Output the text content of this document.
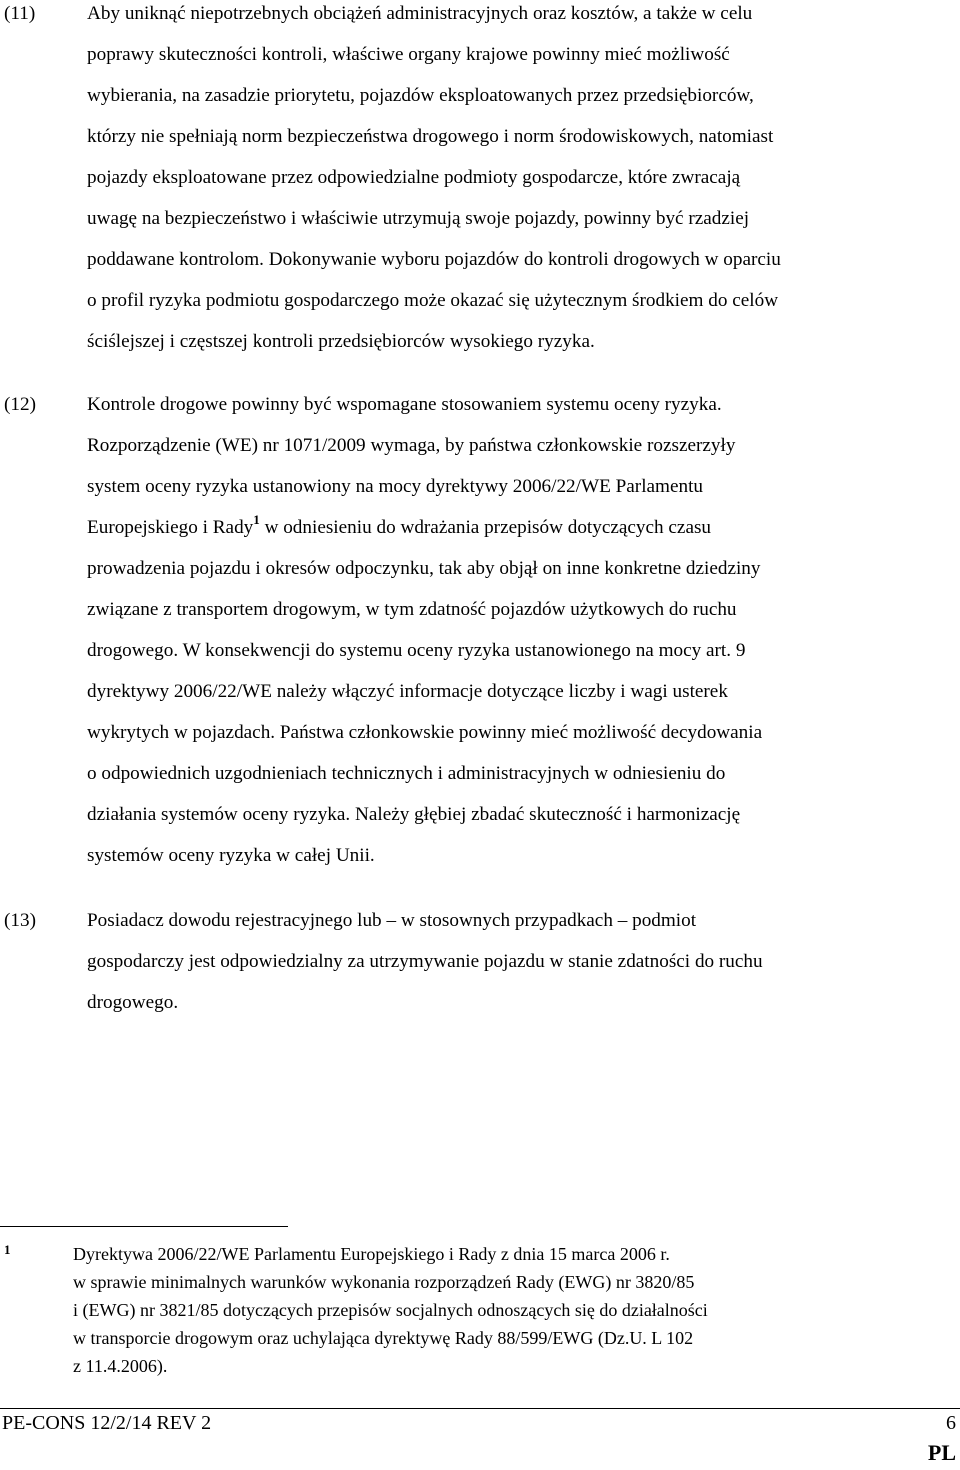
(11)	Aby uniknąć niepotrzebnych obciążeń administracyjnych oraz kosztów, a także w celu
poprawy skuteczności kontroli, właściwe organy krajowe powinny mieć możliwość
wybierania, na zasadzie priorytetu, pojazdów eksploatowanych przez przedsiębiorców,
którzy nie spełniają norm bezpieczeństwa drogowego i norm środowiskowych, natomiast
pojazdy eksploatowane przez odpowiedzialne podmioty gospodarcze, które zwracają
uwagę na bezpieczeństwo i właściwie utrzymują swoje pojazdy, powinny być rzadziej
poddawane kontrolom. Dokonywanie wyboru pojazdów do kontroli drogowych w oparciu
o profil ryzyka podmiotu gospodarczego może okazać się użytecznym środkiem do celów
ściślejszej i częstszej kontroli przedsiębiorców wysokiego ryzyka.
(12)	Kontrole drogowe powinny być wspomagane stosowaniem systemu oceny ryzyka.
Rozporządzenie (WE) nr 1071/2009 wymaga, by państwa członkowskie rozszerzyły
system oceny ryzyka ustanowiony na mocy dyrektywy 2006/22/WE Parlamentu
Europejskiego i Rady$^1$ w odniesieniu do wdrażania przepisów dotyczących czasu
prowadzenia pojazdu i okresów odpoczynku, tak aby objął on inne konkretne dziedziny
związane z transportem drogowym, w tym zdatność pojazdów użytkowych do ruchu
drogowego. W konsekwencji do systemu oceny ryzyka ustanowionego na mocy art. 9
dyrektywy 2006/22/WE należy włączyć informacje dotyczące liczby i wagi usterek
wykrytych w pojazdach. Państwa członkowskie powinny mieć możliwość decydowania
o odpowiednich uzgodnieniach technicznych i administracyjnych w odniesieniu do
działania systemów oceny ryzyka. Należy głębiej zbadać skuteczność i harmonizację
systemów oceny ryzyka w całej Unii.
(13)	Posiadacz dowodu rejestracyjnego lub – w stosownych przypadkach – podmiot
gospodarczy jest odpowiedzialny za utrzymywanie pojazdu w stanie zdatności do ruchu
drogowego.
1	Dyrektywa 2006/22/WE Parlamentu Europejskiego i Rady z dnia 15 marca 2006 r.
w sprawie minimalnych warunków wykonania rozporządzeń Rady (EWG) nr 3820/85
i (EWG) nr 3821/85 dotyczących przepisów socjalnych odnoszących się do działalności
w transporcie drogowym oraz uchylająca dyrektywę Rady 88/599/EWG (Dz.U. L 102
z 11.4.2006).
PE-CONS 12/2/14 REV 2	6
PL
